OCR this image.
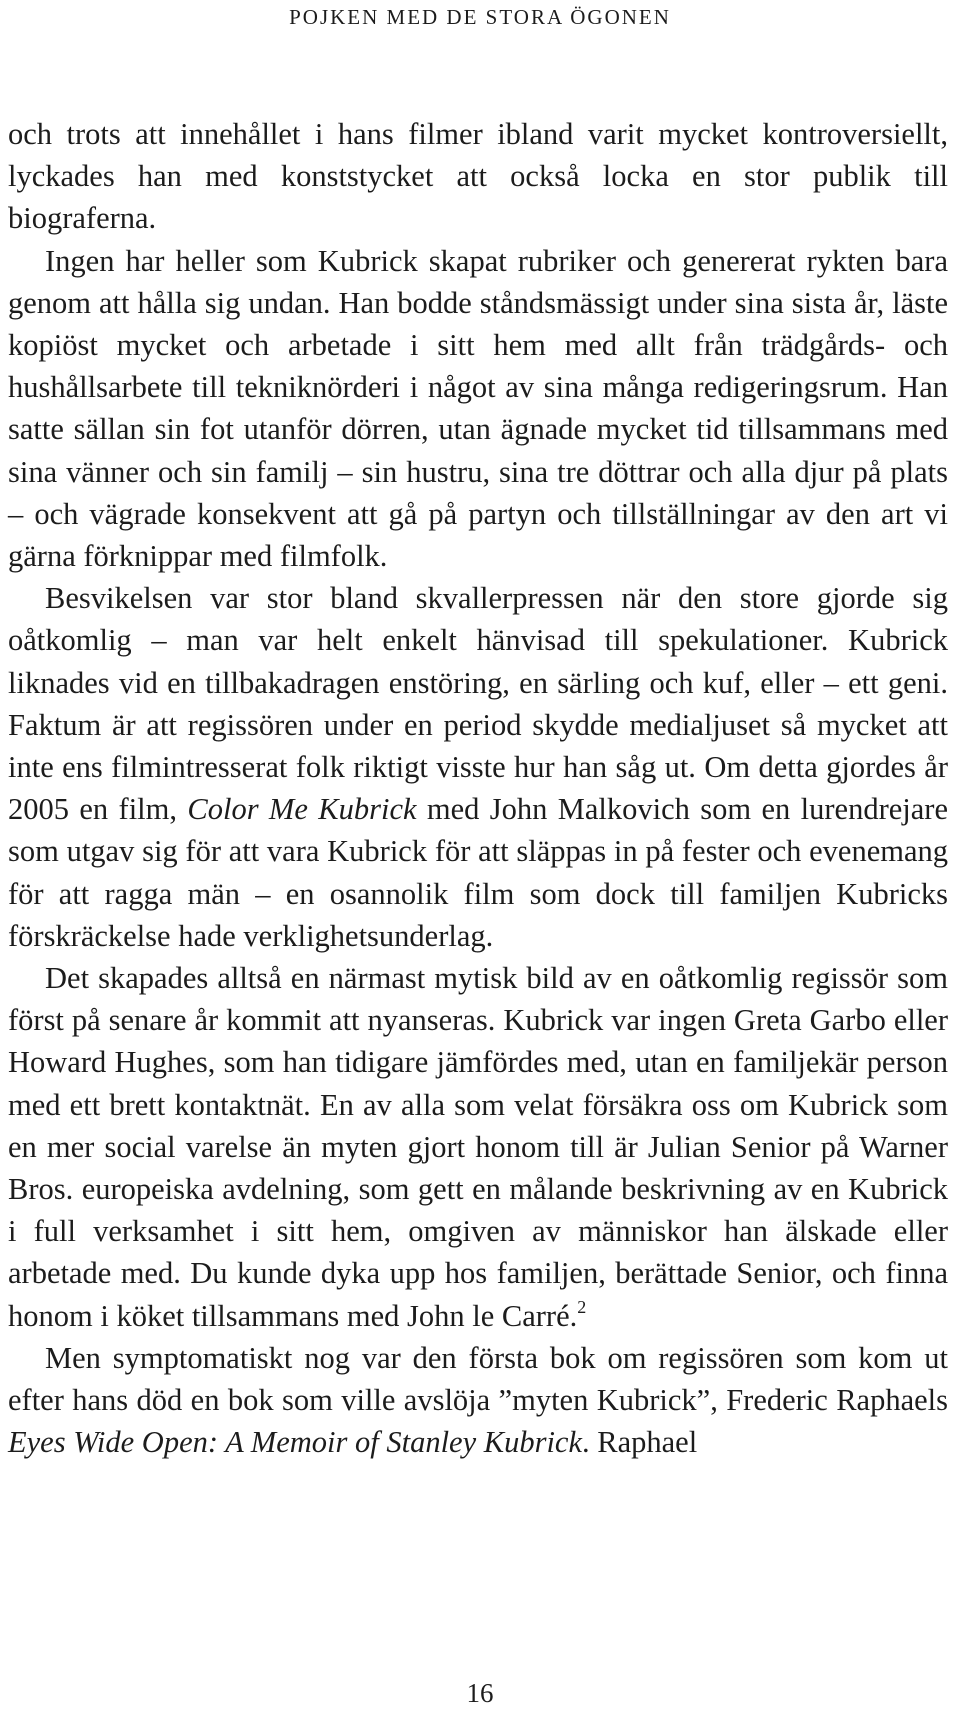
POJKEN MED DE STORA ÖGONEN

och trots att innehållet i hans filmer ibland varit mycket kontroversiellt, lyckades han med konststycket att också locka en stor publik till biograferna.

Ingen har heller som Kubrick skapat rubriker och genererat rykten bara genom att hålla sig undan. Han bodde ståndsmässigt under sina sista år, läste kopiöst mycket och arbetade i sitt hem med allt från trädgårds- och hushållsarbete till tekniknörderi i något av sina många redigeringsrum. Han satte sällan sin fot utanför dörren, utan ägnade mycket tid tillsammans med sina vänner och sin familj – sin hustru, sina tre döttrar och alla djur på plats – och vägrade konsekvent att gå på partyn och tillställningar av den art vi gärna förknippar med filmfolk.

Besvikelsen var stor bland skvallerpressen när den store gjorde sig oåtkomlig – man var helt enkelt hänvisad till spekulationer. Kubrick liknades vid en tillbakadragen enstöring, en särling och kuf, eller – ett geni. Faktum är att regissören under en period skydde medialjuset så mycket att inte ens filmintresserat folk riktigt visste hur han såg ut. Om detta gjordes år 2005 en film, Color Me Kubrick med John Malkovich som en lurendrejare som utgav sig för att vara Kubrick för att släppas in på fester och evenemang för att ragga män – en osannolik film som dock till familjen Kubricks förskräckelse hade verklighetsunderlag.

Det skapades alltså en närmast mytisk bild av en oåtkomlig regissör som först på senare år kommit att nyanseras. Kubrick var ingen Greta Garbo eller Howard Hughes, som han tidigare jämfördes med, utan en familjekär person med ett brett kontaktnät. En av alla som velat försäkra oss om Kubrick som en mer social varelse än myten gjort honom till är Julian Senior på Warner Bros. europeiska avdelning, som gett en målande beskrivning av en Kubrick i full verksamhet i sitt hem, omgiven av människor han älskade eller arbetade med. Du kunde dyka upp hos familjen, berättade Senior, och finna honom i köket tillsammans med John le Carré.$^2$

Men symptomatiskt nog var den första bok om regissören som kom ut efter hans död en bok som ville avslöja ”myten Kubrick”, Frederic Raphaels Eyes Wide Open: A Memoir of Stanley Kubrick. Raphael

16
